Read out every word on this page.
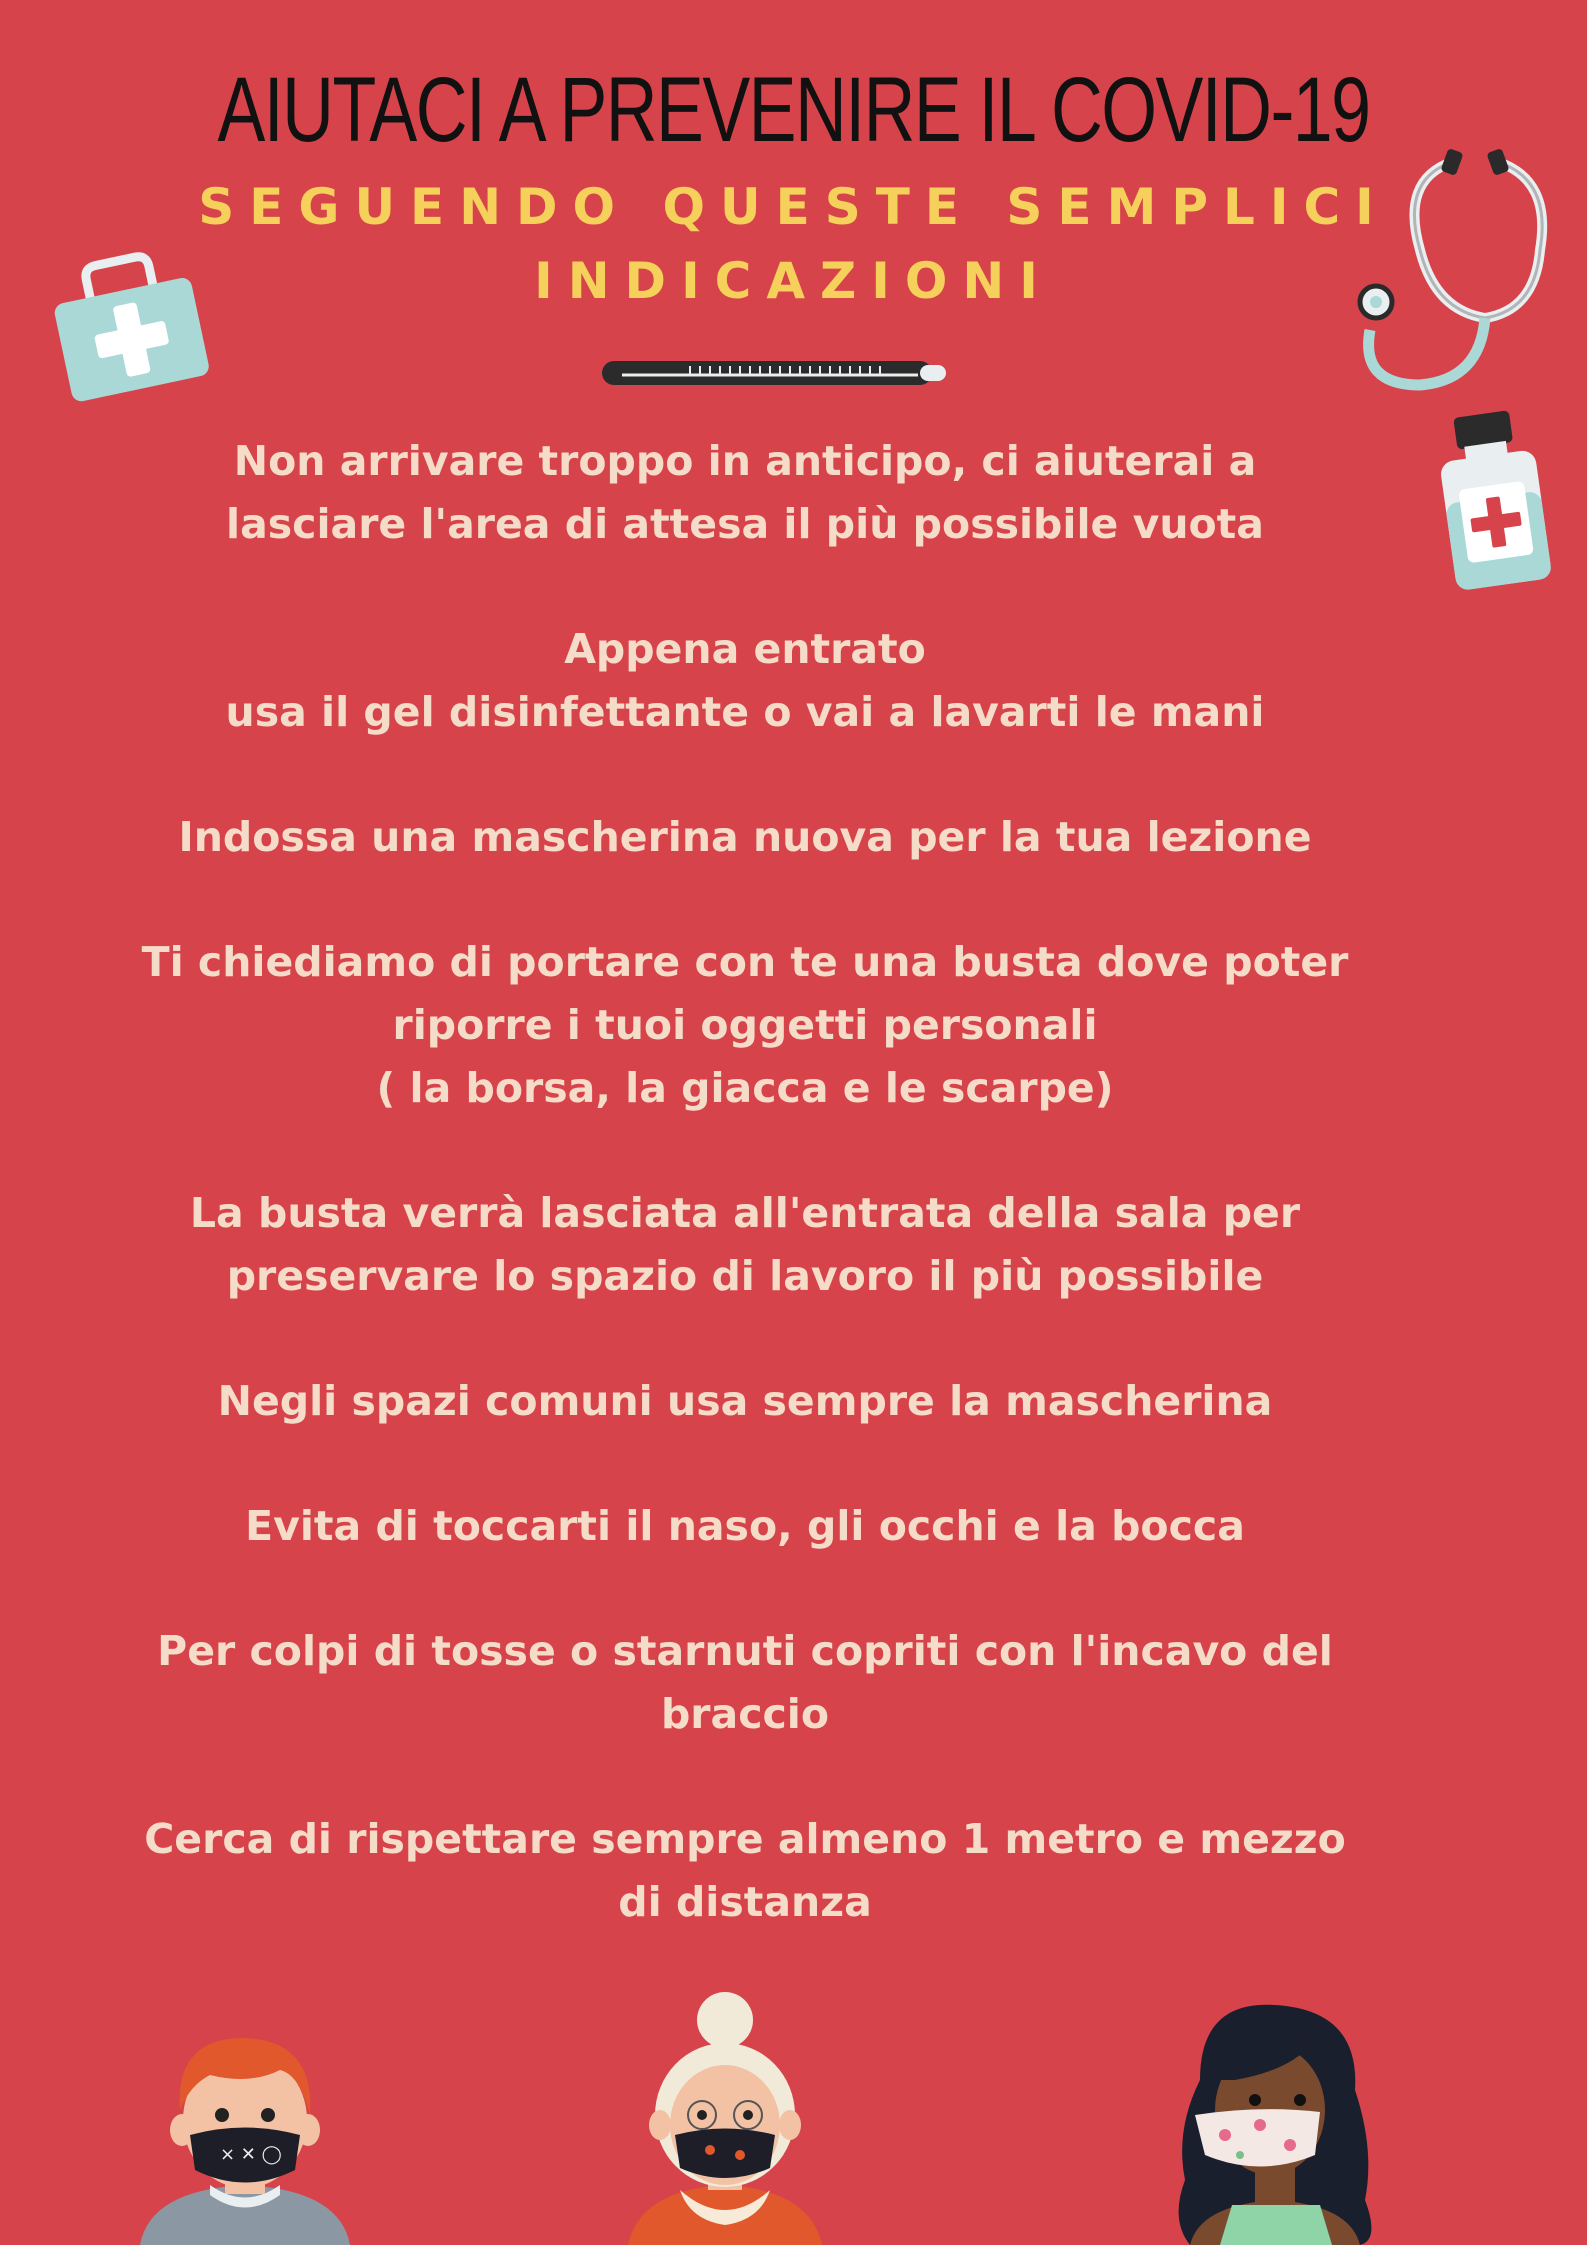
AIUTACI A PREVENIRE IL COVID-19
SEGUENDO QUESTE SEMPLICI
INDICAZIONI

Non arrivare troppo in anticipo, ci aiuterai a
lasciare l'area di attesa il più possibile vuota

Appena entrato
usa il gel disinfettante o vai a lavarti le mani

Indossa una mascherina nuova per la tua lezione

Ti chiediamo di portare con te una busta dove poter
riporre i tuoi oggetti personali
( la borsa, la giacca e le scarpe)

La busta verrà lasciata all'entrata della sala per
preservare lo spazio di lavoro il più possibile

Negli spazi comuni usa sempre la mascherina

Evita di toccarti il naso, gli occhi e la bocca

Per colpi di tosse o starnuti copriti con l'incavo del
braccio

Cerca di rispettare sempre almeno 1 metro e mezzo
di distanza

× ✕ ◯
